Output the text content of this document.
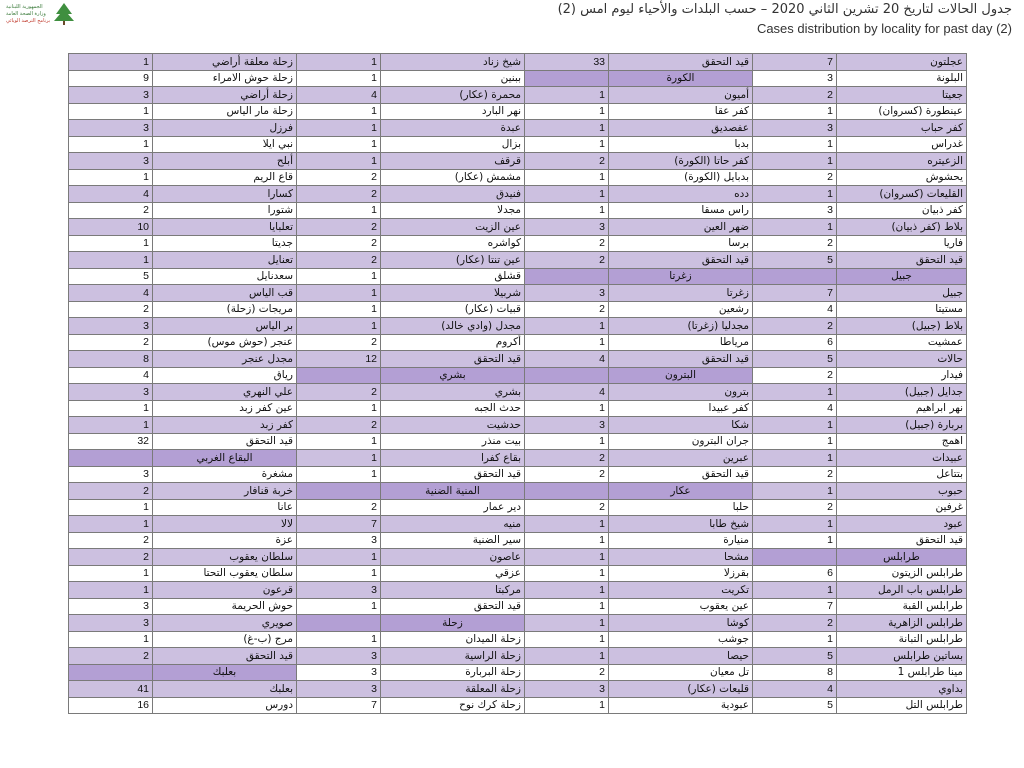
الجمهورية اللبنانية
وزارة الصحة العامة
برنامج الترصد الوبائي
جدول الحالات لتاريخ 20 تشرين الثاني 2020 – حسب البلدات والأحياء ليوم امس (2)
Cases distribution by locality for past day (2)
1	زحلة معلقة أراضي	1	شيخ زناد	33	قيد التحقق	7	عجلتون
9	زحلة حوش الامراء	1	ببنين		الكورة	3	البلونة
3	زحلة أراضي	4	محمرة (عكار)	1	أميون	2	جعيتا
1	زحلة مار الياس	1	نهر البارد	1	كفر عقا	1	عينطورة (كسروان)
3	فرزل	1	عبدة	1	عفصديق	3	كفر حباب
1	نبي ايلا	1	بزال	1	بدبا	1	غدراس
3	أبلح	1	قرقف	2	كفر حاتا (الكورة)	1	الزعيتره
1	قاع الريم	2	مشمش (عكار)	1	بدبايل (الكورة)	2	يحشوش
4	كسارا	2	فنيدق	1	دده	1	القليعات (كسروان)
2	شتورا	1	مجدلا	1	راس مسقا	3	كفر ذبيان
10	تعلبايا	2	عين الزيت	3	ضهر العين	1	بلاط (كفر ذبيان)
1	جديتا	2	كواشره	2	برسا	2	فاريا
1	تعنايل	2	عين تنتا (عكار)	2	قيد التحقق	5	قيد التحقق
5	سعدنايل	1	قشلق		زغرتا		جبيل
4	قب الياس	1	شربيلا	3	زغرتا	7	جبيل
2	مريجات (زحلة)	1	قبيات (عكار)	2	رشعين	4	مستيتا
3	بر الياس	1	مجدل (وادي خالد)	1	مجدليا (زغرتا)	2	بلاط (جبيل)
2	عنجر (حوش موس)	2	أكروم	1	مرياطا	6	عمشيت
8	مجدل عنجر	12	قيد التحقق	4	قيد التحقق	5	حالات
4	رياق		بشري		البترون	2	فيدار
3	علي النهري	2	بشري	4	بترون	1	جدايل (جبيل)
1	عين كفر زبد	1	حدث الجبه	1	كفر عبيدا	4	نهر ابراهيم
1	كفر زبد	2	حدشيت	3	شكا	1	بربارة (جبيل)
32	قيد التحقق	1	بيت منذر	1	جران البترون	1	اهمج
	البقاع الغربي	1	بقاع كفرا	2	عبرين	1	عبيدات
3	مشغرة	1	قيد التحقق	2	قيد التحقق	2	بتتاعل
2	خربة قنافار		المنية الضنية		عكار	1	حبوب
1	عانا	2	دير عمار	2	حلبا	2	غرفين
1	لالا	7	منيه	1	شيخ طابا	1	عبود
2	عزة	3	سير الضنية	1	منيارة	1	قيد التحقق
2	سلطان يعقوب	1	عاصون	1	مشحا		طرابلس
1	سلطان يعقوب التحتا	1	عزقي	1	بقرزلا	6	طرابلس الزيتون
1	قرعون	3	مركبتا	1	تكريت	1	طرابلس باب الرمل
3	حوش الحريمة	1	قيد التحقق	1	عين يعقوب	7	طرابلس القبة
3	صويري		زحلة	1	كوشا	2	طرابلس الزاهرية
1	مرج (ب-غ)	1	زحلة الميدان	1	جوشب	1	طرابلس التبانة
2	قيد التحقق	3	زحلة الراسية	1	حيصا	5	بساتين طرابلس
	بعلبك	3	زحلة البربارة	2	تل معيان	8	مينا طرابلس 1
41	بعلبك	3	زحلة المعلقة	3	قليعات (عكار)	4	بداوي
16	دورس	7	زحلة كرك نوح	1	عبودية	5	طرابلس التل
